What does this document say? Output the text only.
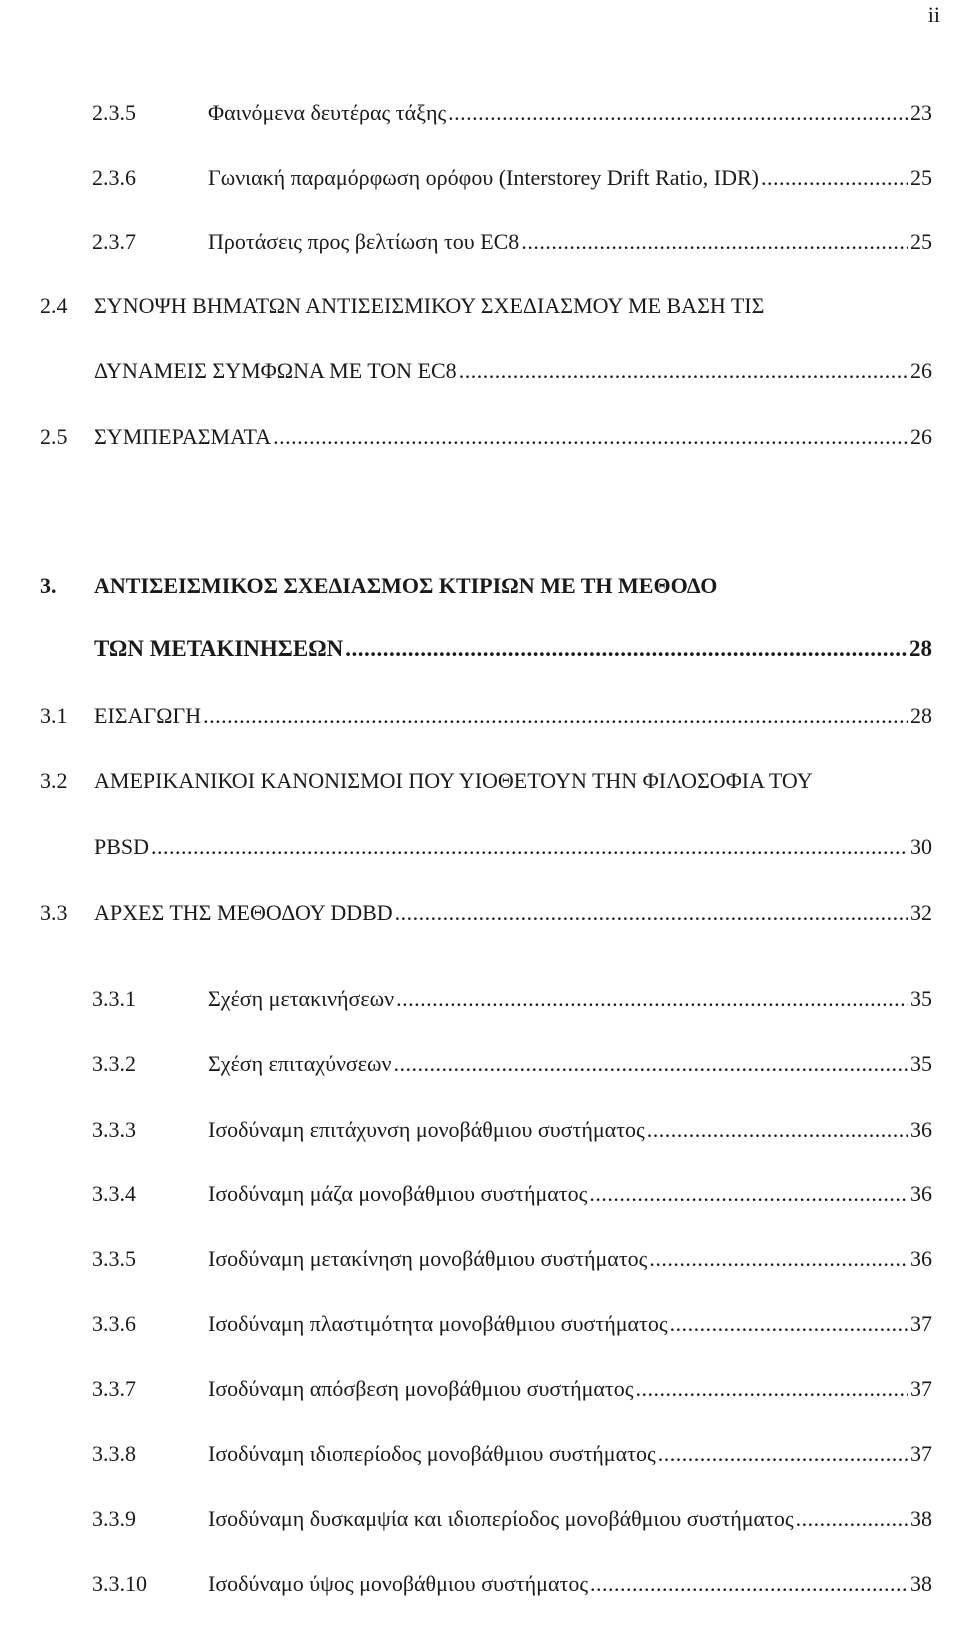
ii
2.3.5	Φαινόμενα δευτέρας τάξης .....	23
2.3.6	Γωνιακή παραμόρφωση ορόφου (Interstorey Drift Ratio, IDR) .....	25
2.3.7	Προτάσεις προς βελτίωση του EC8 .....	25
2.4 ΣΥΝΟΨΗ ΒΗΜΑΤΩΝ ΑΝΤΙΣΕΙΣΜΙΚΟΥ ΣΧΕΔΙΑΣΜΟΥ ΜΕ ΒΑΣΗ ΤΙΣ
ΔΥΝΑΜΕΙΣ ΣΥΜΦΩΝΑ ΜΕ ΤΟΝ EC8 .....	26
2.5	ΣΥΜΠΕΡΑΣΜΑΤΑ .....	26
3. ΑΝΤΙΣΕΙΣΜΙΚΟΣ ΣΧΕΔΙΑΣΜΟΣ ΚΤΙΡΙΩΝ ΜΕ ΤΗ ΜΕΘΟΔΟ
ΤΩΝ ΜΕΤΑΚΙΝΗΣΕΩΝ .....	28
3.1	ΕΙΣΑΓΩΓΗ .....	28
3.2 ΑΜΕΡΙΚΑΝΙΚΟΙ ΚΑΝΟΝΙΣΜΟΙ ΠΟΥ ΥΙΟΘΕΤΟΥΝ ΤΗΝ ΦΙΛΟΣΟΦΙΑ ΤΟΥ
PBSD .....	30
3.3	ΑΡΧΕΣ ΤΗΣ ΜΕΘΟΔΟΥ DDBD .....	32
3.3.1	Σχέση μετακινήσεων .....	35
3.3.2	Σχέση επιταχύνσεων .....	35
3.3.3	Ισοδύναμη επιτάχυνση μονοβάθμιου συστήματος .....	36
3.3.4	Ισοδύναμη μάζα μονοβάθμιου συστήματος .....	36
3.3.5	Ισοδύναμη μετακίνηση μονοβάθμιου συστήματος .....	36
3.3.6	Ισοδύναμη πλαστιμότητα μονοβάθμιου συστήματος .....	37
3.3.7	Ισοδύναμη απόσβεση μονοβάθμιου συστήματος .....	37
3.3.8	Ισοδύναμη ιδιοπερίοδος μονοβάθμιου συστήματος .....	37
3.3.9	Ισοδύναμη δυσκαμψία και ιδιοπερίοδος μονοβάθμιου συστήματος .....	38
3.3.10	Ισοδύναμο ύψος μονοβάθμιου συστήματος .....	38
